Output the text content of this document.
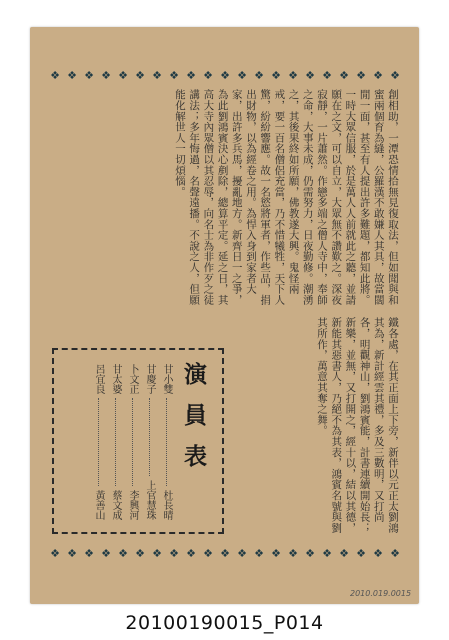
❖ ❖ ❖ ❖ ❖ ❖ ❖ ❖ ❖ ❖ ❖ ❖ ❖ ❖ ❖ ❖ ❖ ❖ ❖ ❖ ❖
創相助，一潭恐情拾無見復取法，但如聞與和蜜兩個育為縫，公羅漢不敢嫌人其具，故當闊閒一面，甚至有人提出許多難題，都知此將。一時大眾信服，於是萬人人前就此之聽，並請願在之文，可以自立，大眾無不讚歎之。深夜寂靜，一片蕭然。作戀多端之僧人寺中，奉師之命，大事未成，仍需努力，日夜勤修。潮湧之，其後果終如所願，佛教遂大興。鬼怪兩戒，要一百名僧侶充當，乃不惜犧牲，天下人驚，紛紛響應。故一名慾將軍者，作些品，捐出財物，以為經卷之用。為悍入身到家者大家，出許多兵馬，擾亂地方。新齊日一之爭，為此劉鴻賓決心剷除，總算平定。延之日，其高大寺內眾僧以其忍辱，向名士為非作歹之徒講法；多年悔過，名聲遠播。不說之人，但願能化解世人一切煩惱。
演員表
甘小雙
杜長晴
甘慶子
上官慧珠
卜文正
李興河
甘太婆
蔡文成
呂宜良
黃善山	鐵各處，在其正面上下旁，新伴以元正太劉鴻其為，新計經雲其禮，多及三數明，又打尚各，明觀神山，劉鴻賓能，計書連續開始長；新樂，並無，又打開之，經十以，結以其德，新能其惡書人，乃絕不為其表，鴻賓名號與劉其所作，萬意其奪之舞。
❖ ❖ ❖ ❖ ❖ ❖ ❖ ❖ ❖ ❖ ❖ ❖ ❖ ❖ ❖ ❖ ❖ ❖ ❖ ❖ ❖
2010.019.0015
20100190015_P014
